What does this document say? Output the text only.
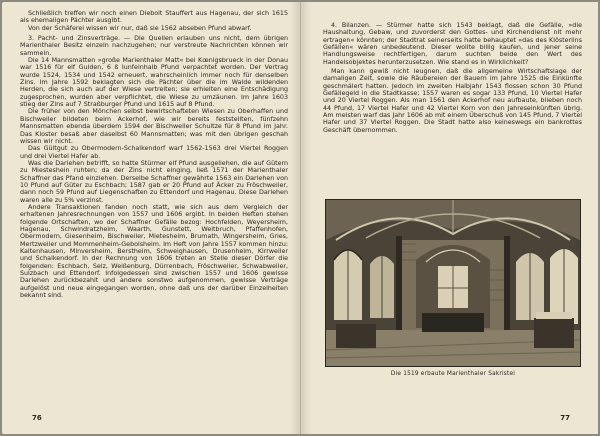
Schließlich treffen wir noch einen Diebolt Stauffert aus Hagenau, der sich 1615 als ehemaligen Pächter ausgibt.

Von der Schäferei wissen wir nur, daß sie 1562 abseben Pfund abwarf.

3. Pacht- und Zinsverträge. — Die Quellen erlauben uns nicht, dem übrigen Marienthaler Besitz einzeln nachzugehen; nur verstreute Nachrichten können wir sammeln.

Die 14 Mannsmatten »große Marienthaler Matt« bei Kœnigsbrueck in der Donau war 1516 für elf Gulden, 6 ß Iunfeinhalb Pfund verpachtet worden. Der Vertrag wurde 1524, 1534 und 1542 erneuert, wahrscheinlich immer noch für denselben Zins. Im Jahre 1592 beklagten sich die Pächter über die im Walde wildenden Herden, die sich auch auf der Wiese vertreiten; sie erhielten eine Entschädigung zugesprochen, wurden aber verpflichtet, die Wiese zu umzäunen. Im Jahre 1603 stieg der Zins auf 7 Straßburger Pfund und 1615 auf 8 Pfund.

Die früher von den Mönchen selbst bewirtschafteten Wiesen zu Oberhaffen und Bischweiler bildeten beim Ackerhof, wie wir bereits feststellten, fünfzehn Mannsmatten ebenda überdem 1594 der Bischweiler Schultze für 8 Pfund im Jahr. Das Kloster besaß aber daselbst 60 Mannsmatten; was mit den übrigen geschah wissen wir nicht.

Das Gültgut zu Obermodern-Schalkendorf warf 1562-1563 drei Viertel Roggen und drei Viertel Hafer ab.

Was die Darlehen betrifft, so hatte Stürmer elf Pfund ausgeliehen, die auf Gütern zu Miesteshein ruhten; da der Zins nicht einging, ließ 1571 der Marienthaler Schaffner das Pfand einziehen. Derselbe Schaffner gewährte 1563 ein Darlehen von 10 Pfund auf Güter zu Eschbach; 1587 gab er 20 Pfund auf Äcker zu Fröschweiler, dann noch 59 Pfund auf Liegenschaften zu Ettendorf und Hagenau. Diese Darlehen waren alle zu 5% verzinst.

Andere Transaktionen fanden noch statt, wie sich aus dem Vergleich der erhaltenen Jahresrechnungen von 1557 und 1606 ergibt. In beiden Heften stehen folgende Ortschaften, wo der Schaffner Gefälle bezog: Hochfelden, Weyersheim, Hagenau, Schwindratzheim, Waarth, Gunstett, Weitbruch, Pfaffenhofen, Obermodern, Giesenheim, Bischweiler, Mietesheim, Brumath, Wingersheim, Gries, Mertzweiler und Mommenheim-Gebolsheim. Im Heft von Jahre 1557 kommen hinzu: Kaltenhausen, Minversheim, Berstheim, Schweighausen, Drusenheim, Kirrweiler und Schalkendorf. In der Rechnung von 1606 treten an Stelle dieser Dörfer die folgenden: Eschbach, Selz, Weißenburg, Dürrenbach, Fröschweiler, Schwabweiler, Sulzbach und Ettendorf. Infolgedessen sind zwischen 1557 und 1606 gewisse Darlehen zurückbezahlt und andere sonstwo aufgenommen, gewisse Verträge aufgelöst und neue eingegangen worden, ohne daß uns der darüber Einzelheiten bekannt sind.

76

4. Bilanzen. — Stürmer hatte sich 1543 beklagt, daß die Gefälle, »die Haushaltung, Gebaw, und zuvorderst den Gottes- und Kirchendienst nit mehr ertragen« könnten; der Stadtrat seinerseits hatte behauptet »das des Klösterlins Gefällen« wären unbedeutend. Dieser wollte billig kaufen, und jener seine Handlungsweise rechtfertigen, darum suchten beide den Wert des Handelsobjektes herunterzusetzen. Wie stand es in Wirklichkeit?

Man kann gewiß nicht leugnen, daß die allgemeine Wirtschaftslage der damaligen Zeit, sowie die Räubereien der Bauern im Jahre 1525 die Einkünfte geschmälert hatten. Jedoch im zweiten Halbjahr 1543 flossen schon 30 Pfund Gefällegeld in die Stadtkasse; 1557 waren es sogar 133 Pfund, 10 Viertel Hafer und 20 Viertel Roggen. Als man 1561 den Ackerhof neu aufbaute, blieben noch 44 Pfund, 17 Viertel Hafer und 42 Viertel Korn von den Jahreseinkünften übrig. Am meisten warf das Jahr 1606 ab mit einem Überschuß von 145 Pfund, 7 Viertel Hafer und 37 Viertel Roggen. Die Stadt hatte also keineswegs ein bankrottes Geschäft übernommen.

Die 1519 erbaute Marienthaler Sakristei
77
